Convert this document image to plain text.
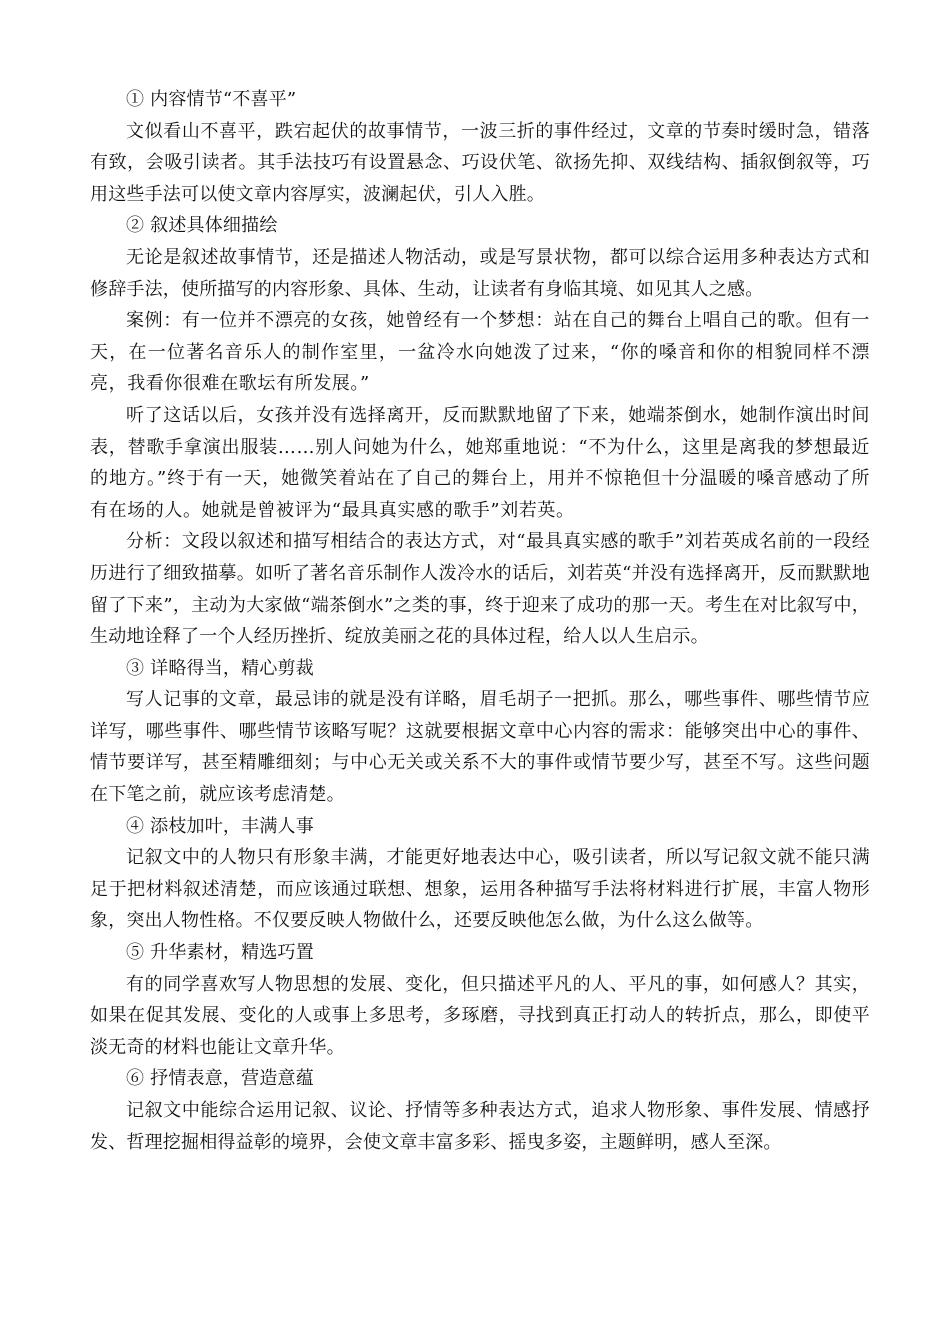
① 内容情节“不喜平”

文似看山不喜平，跌宕起伏的故事情节，一波三折的事件经过，文章的节奏时缓时急，错落有致，会吸引读者。其手法技巧有设置悬念、巧设伏笔、欲扬先抑、双线结构、插叙倒叙等，巧用这些手法可以使文章内容厚实，波澜起伏，引人入胜。

② 叙述具体细描绘

无论是叙述故事情节，还是描述人物活动，或是写景状物，都可以综合运用多种表达方式和修辞手法，使所描写的内容形象、具体、生动，让读者有身临其境、如见其人之感。

案例：有一位并不漂亮的女孩，她曾经有一个梦想：站在自己的舞台上唱自己的歌。但有一天，在一位著名音乐人的制作室里，一盆冷水向她泼了过来，“你的嗓音和你的相貌同样不漂亮，我看你很难在歌坛有所发展。”

听了这话以后，女孩并没有选择离开，反而默默地留了下来，她端茶倒水，她制作演出时间表，替歌手拿演出服装……别人问她为什么，她郑重地说：“不为什么，这里是离我的梦想最近的地方。”终于有一天，她微笑着站在了自己的舞台上，用并不惊艳但十分温暖的嗓音感动了所有在场的人。她就是曾被评为“最具真实感的歌手”刘若英。

分析：文段以叙述和描写相结合的表达方式，对“最具真实感的歌手”刘若英成名前的一段经历进行了细致描摹。如听了著名音乐制作人泼冷水的话后，刘若英“并没有选择离开，反而默默地留了下来”，主动为大家做“端茶倒水”之类的事，终于迎来了成功的那一天。考生在对比叙写中，生动地诠释了一个人经历挫折、绽放美丽之花的具体过程，给人以人生启示。

③ 详略得当，精心剪裁

写人记事的文章，最忌讳的就是没有详略，眉毛胡子一把抓。那么，哪些事件、哪些情节应详写，哪些事件、哪些情节该略写呢？这就要根据文章中心内容的需求：能够突出中心的事件、情节要详写，甚至精雕细刻；与中心无关或关系不大的事件或情节要少写，甚至不写。这些问题在下笔之前，就应该考虑清楚。

④ 添枝加叶，丰满人事

记叙文中的人物只有形象丰满，才能更好地表达中心，吸引读者，所以写记叙文就不能只满足于把材料叙述清楚，而应该通过联想、想象，运用各种描写手法将材料进行扩展，丰富人物形象，突出人物性格。不仅要反映人物做什么，还要反映他怎么做，为什么这么做等。

⑤ 升华素材，精选巧置

有的同学喜欢写人物思想的发展、变化，但只描述平凡的人、平凡的事，如何感人？其实，如果在促其发展、变化的人或事上多思考，多琢磨，寻找到真正打动人的转折点，那么，即使平淡无奇的材料也能让文章升华。

⑥ 抒情表意，营造意蕴

记叙文中能综合运用记叙、议论、抒情等多种表达方式，追求人物形象、事件发展、情感抒发、哲理挖掘相得益彰的境界，会使文章丰富多彩、摇曳多姿，主题鲜明，感人至深。
